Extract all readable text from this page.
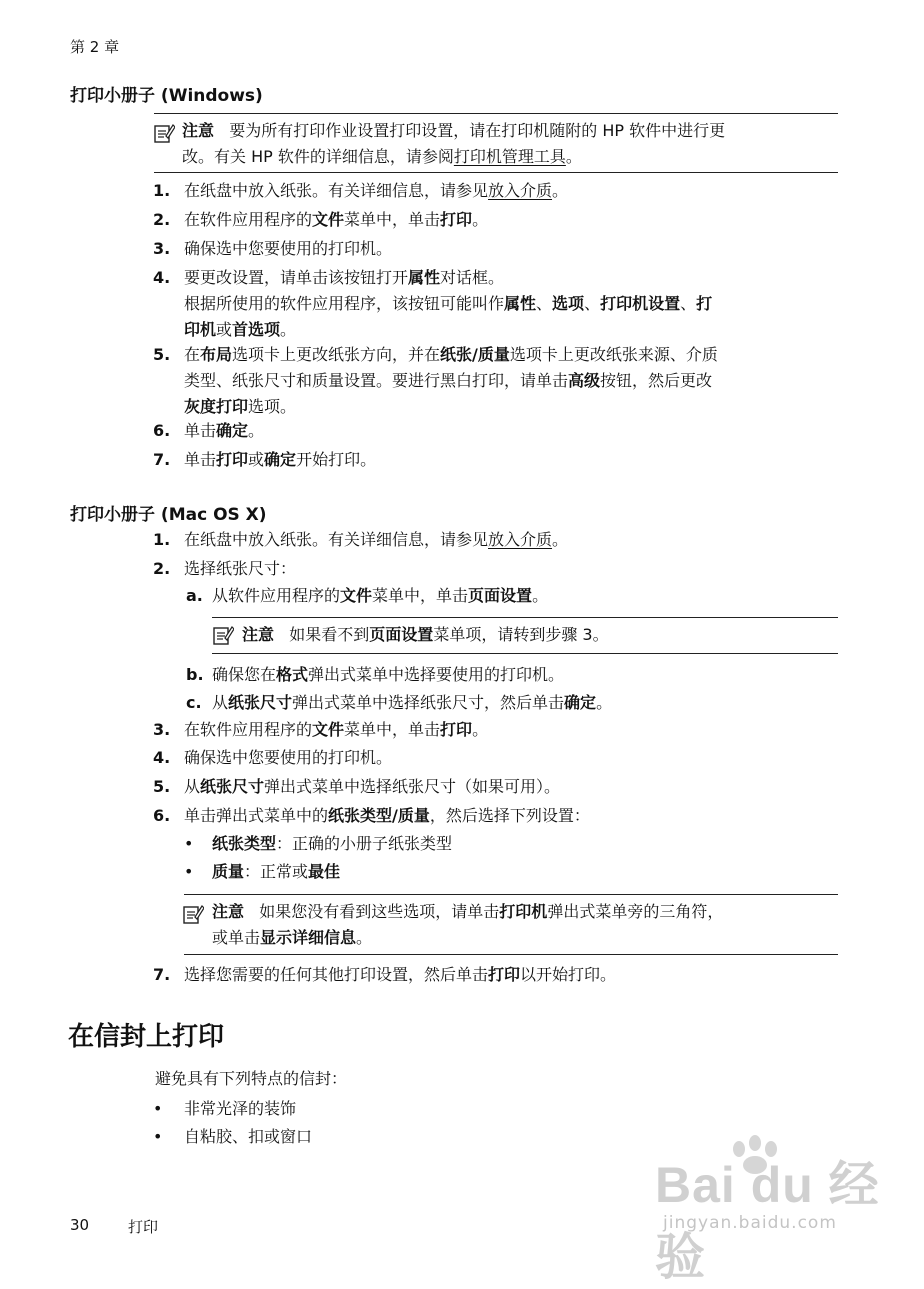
第 2 章
打印小册子 (Windows)
注意 要为所有打印作业设置打印设置，请在打印机随附的 HP 软件中进行更
改。有关 HP 软件的详细信息，请参阅打印机管理工具。
1. 在纸盘中放入纸张。有关详细信息，请参见放入介质。
2. 在软件应用程序的文件菜单中，单击打印。
3. 确保选中您要使用的打印机。
4. 要更改设置，请单击该按钮打开属性对话框。
根据所使用的软件应用程序，该按钮可能叫作属性、选项、打印机设置、打
印机或首选项。
5. 在布局选项卡上更改纸张方向，并在纸张/质量选项卡上更改纸张来源、介质
类型、纸张尺寸和质量设置。要进行黑白打印，请单击高级按钮，然后更改
灰度打印选项。
6. 单击确定。
7. 单击打印或确定开始打印。
打印小册子 (Mac OS X)
1. 在纸盘中放入纸张。有关详细信息，请参见放入介质。
2. 选择纸张尺寸：
a. 从软件应用程序的文件菜单中，单击页面设置。
注意 如果看不到页面设置菜单项，请转到步骤 3。
b. 确保您在格式弹出式菜单中选择要使用的打印机。
c. 从纸张尺寸弹出式菜单中选择纸张尺寸，然后单击确定。
3. 在软件应用程序的文件菜单中，单击打印。
4. 确保选中您要使用的打印机。
5. 从纸张尺寸弹出式菜单中选择纸张尺寸（如果可用）。
6. 单击弹出式菜单中的纸张类型/质量，然后选择下列设置：
• 纸张类型：正确的小册子纸张类型
• 质量：正常或最佳
注意 如果您没有看到这些选项，请单击打印机弹出式菜单旁的三角符，
或单击显示详细信息。
7. 选择您需要的任何其他打印设置，然后单击打印以开始打印。
在信封上打印
避免具有下列特点的信封：
• 非常光泽的装饰
• 自粘胶、扣或窗口
Bai du 经验
jingyan.baidu.com
30	打印
